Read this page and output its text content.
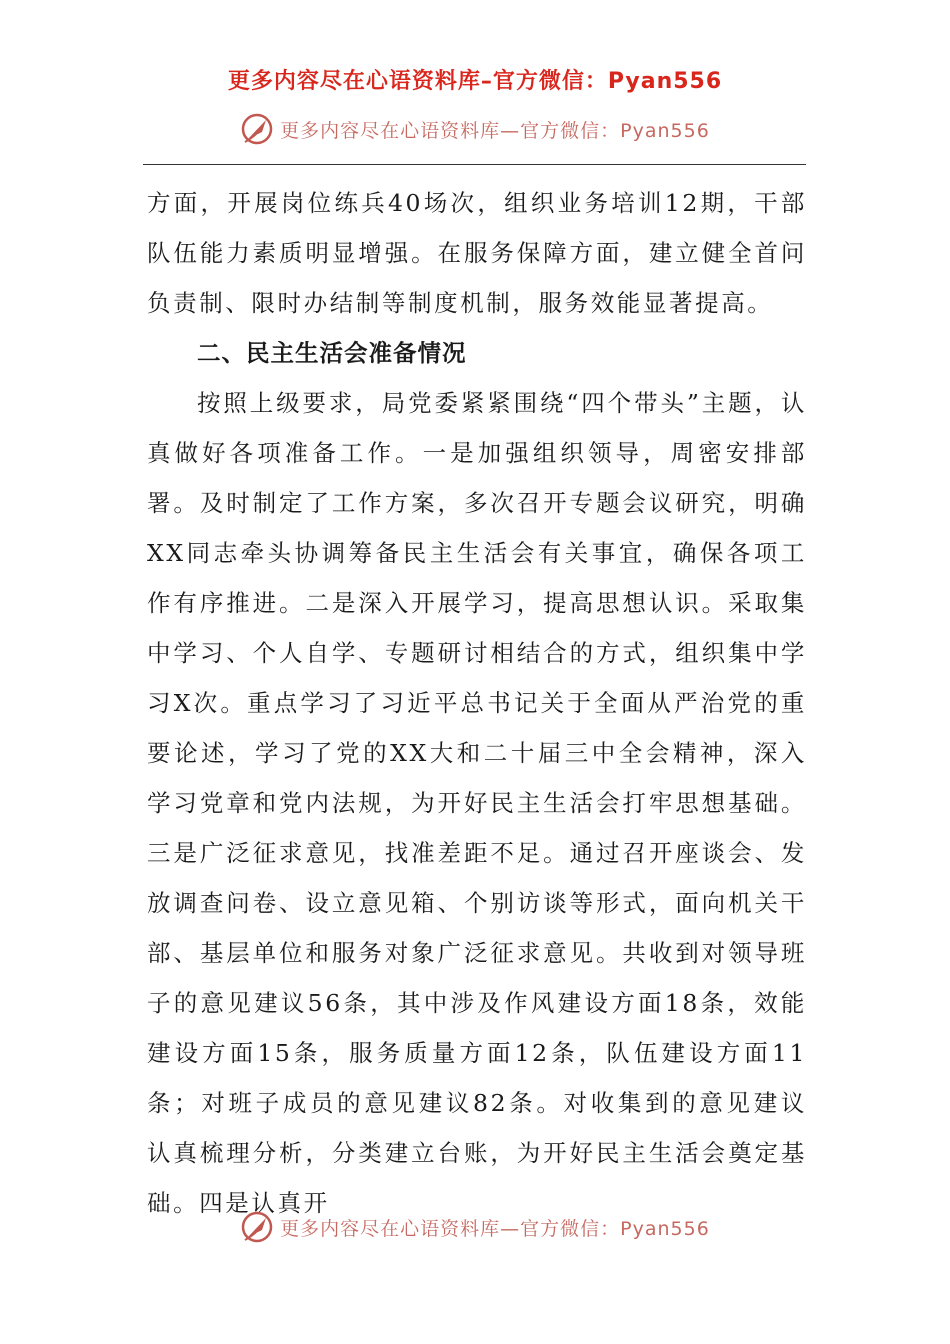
更多内容尽在心语资料库–官方微信：Pyan556
更多内容尽在心语资料库—官方微信：Pyan556

方面，开展岗位练兵40场次，组织业务培训12期，干部队伍能力素质明显增强。在服务保障方面，建立健全首问负责制、限时办结制等制度机制，服务效能显著提高。

二、民主生活会准备情况

按照上级要求，局党委紧紧围绕“四个带头”主题，认真做好各项准备工作。一是加强组织领导，周密安排部署。及时制定了工作方案，多次召开专题会议研究，明确XX同志牵头协调筹备民主生活会有关事宜，确保各项工作有序推进。二是深入开展学习，提高思想认识。采取集中学习、个人自学、专题研讨相结合的方式，组织集中学习X次。重点学习了习近平总书记关于全面从严治党的重要论述，学习了党的XX大和二十届三中全会精神，深入学习党章和党内法规，为开好民主生活会打牢思想基础。三是广泛征求意见，找准差距不足。通过召开座谈会、发放调查问卷、设立意见箱、个别访谈等形式，面向机关干部、基层单位和服务对象广泛征求意见。共收到对领导班子的意见建议56条，其中涉及作风建设方面18条，效能建设方面15条，服务质量方面12条，队伍建设方面11条；对班子成员的意见建议82条。对收集到的意见建议认真梳理分析，分类建立台账，为开好民主生活会奠定基础。四是认真开

更多内容尽在心语资料库—官方微信：Pyan556
